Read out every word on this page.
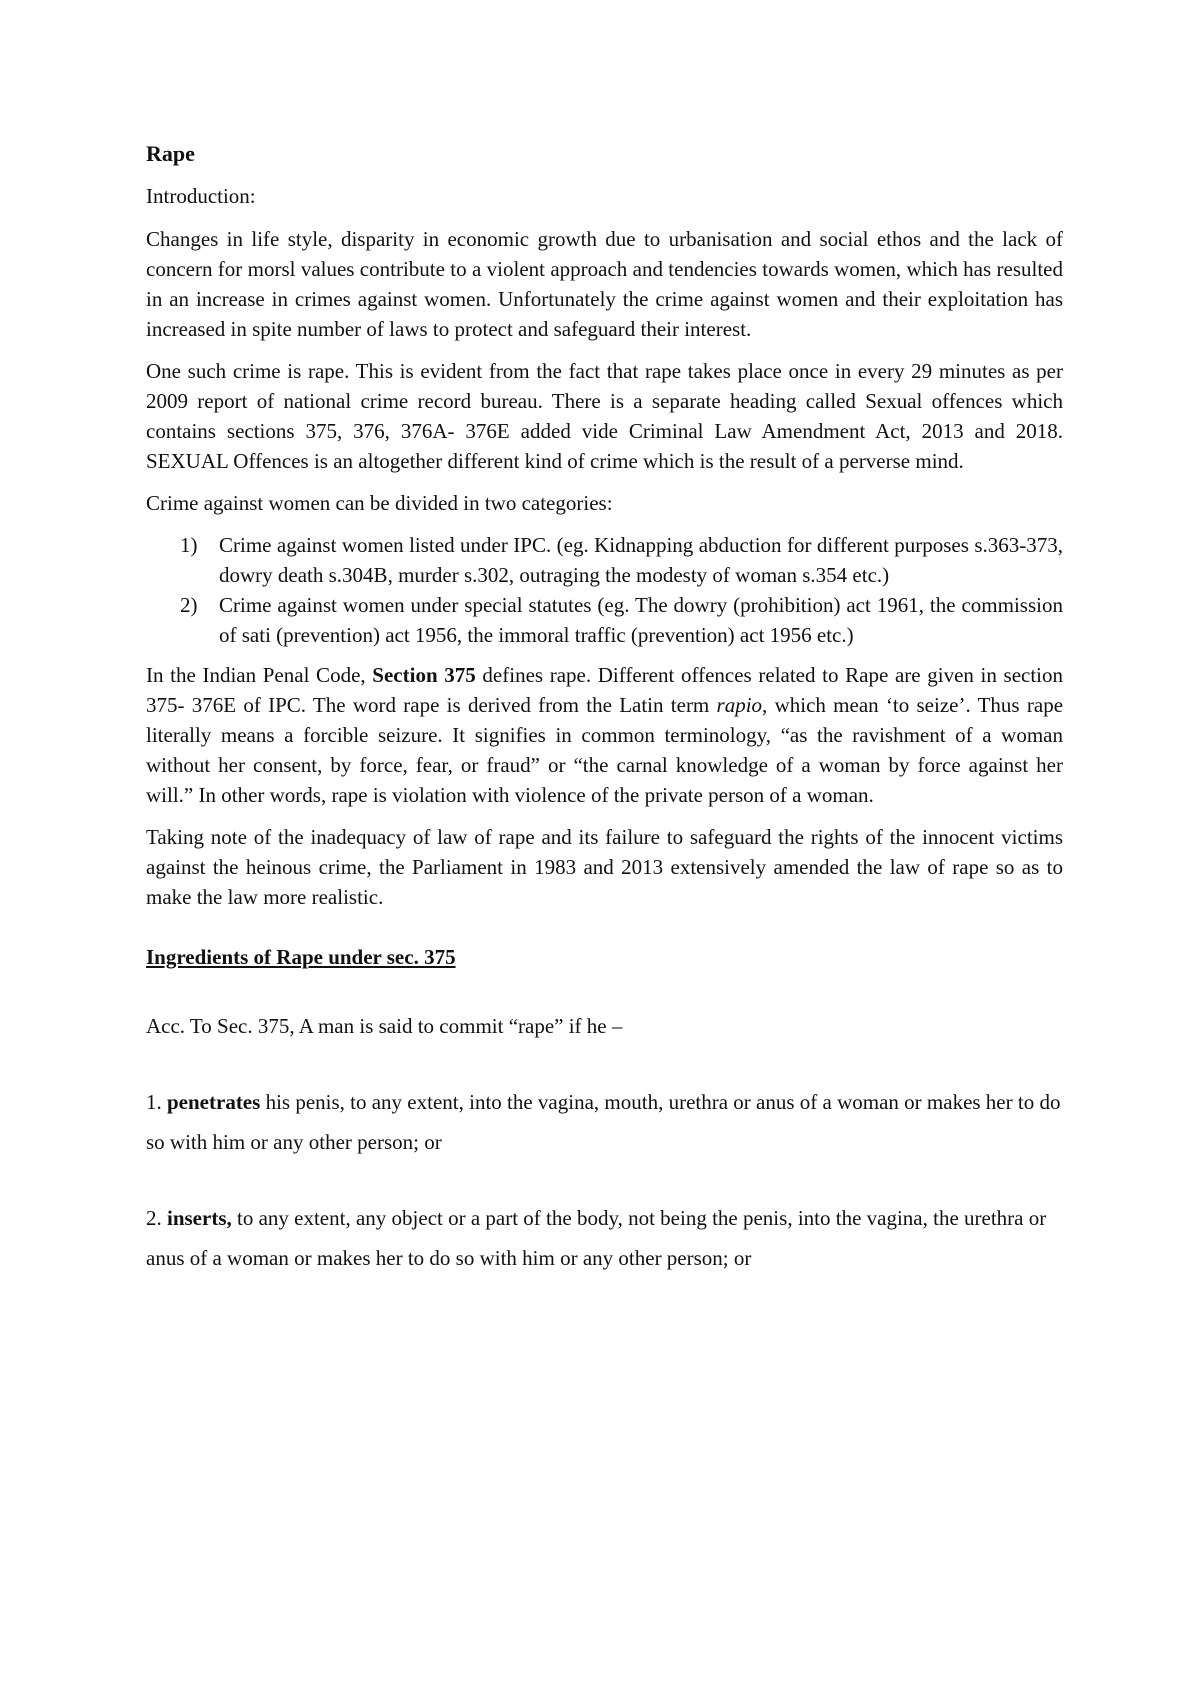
Rape

Introduction:

Changes in life style, disparity in economic growth due to urbanisation and social ethos and the lack of concern for morsl values contribute to a violent approach and tendencies towards women, which has resulted in an increase in crimes against women. Unfortunately the crime against women and their exploitation has increased in spite number of laws to protect and safeguard their interest.

One such crime is rape. This is evident from the fact that rape takes place once in every 29 minutes as per 2009 report of national crime record bureau. There is a separate heading called Sexual offences which contains sections 375, 376, 376A- 376E added vide Criminal Law Amendment Act, 2013 and 2018. SEXUAL Offences is an altogether different kind of crime which is the result of a perverse mind.

Crime against women can be divided in two categories:

1)	Crime against women listed under IPC. (eg. Kidnapping abduction for different purposes s.363-373, dowry death s.304B, murder s.302, outraging the modesty of woman s.354 etc.)
2)	Crime against women under special statutes (eg. The dowry (prohibition) act 1961, the commission of sati (prevention) act 1956, the immoral traffic (prevention) act 1956 etc.)

In the Indian Penal Code, Section 375 defines rape. Different offences related to Rape are given in section 375- 376E of IPC. The word rape is derived from the Latin term rapio, which mean ‘to seize’. Thus rape literally means a forcible seizure. It signifies in common terminology, “as the ravishment of a woman without her consent, by force, fear, or fraud” or “the carnal knowledge of a woman by force against her will.” In other words, rape is violation with violence of the private person of a woman.

Taking note of the inadequacy of law of rape and its failure to safeguard the rights of the innocent victims against the heinous crime, the Parliament in 1983 and 2013 extensively amended the law of rape so as to make the law more realistic.

Ingredients of Rape under sec. 375

Acc. To Sec. 375, A man is said to commit “rape” if he –

1. penetrates his penis, to any extent, into the vagina, mouth, urethra or anus of a woman or makes her to do so with him or any other person; or

2. inserts, to any extent, any object or a part of the body, not being the penis, into the vagina, the urethra or anus of a woman or makes her to do so with him or any other person; or
